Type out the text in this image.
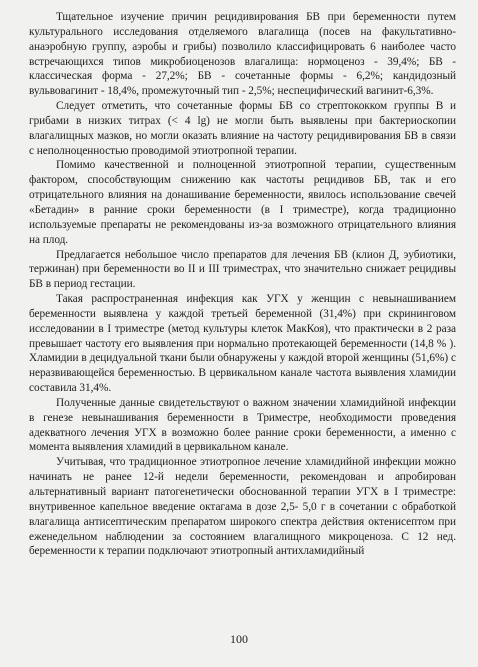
Тщательное изучение причин рецидивирования БВ при беременности путем культурального исследования отделяемого влагалища (посев на факультативно-анаэробную группу, аэробы и грибы) позволило классифицировать 6 наиболее часто встречающихся типов микробиоценозов влагалища: нормоценоз - 39,4%; БВ - классическая форма - 27,2%; БВ - сочетанные формы - 6,2%; кандидозный вульвовагинит - 18,4%, промежуточный тип - 2,5%; неспецифический вагинит-6,3%.

Следует отметить, что сочетанные формы БВ со стрептококком группы В и грибами в низких титрах (< 4 lg) не могли быть выявлены при бактериоскопии влагалищных мазков, но могли оказать влияние на частоту рецидивирования БВ в связи с неполноценностью проводимой этиотропной терапии.

Помимо качественной и полноценной этиотропной терапии, существенным фактором, способствующим снижению как частоты рецидивов БВ, так и его отрицательного влияния на донашивание беременности, явилось использование свечей «Бетадин» в ранние сроки беременности (в I триместре), когда традиционно используемые препараты не рекомендованы из-за возможного отрицательного влияния на плод.

Предлагается небольшое число препаратов для лечения БВ (клион Д, эубиотики, тержинан) при беременности во II и III триместрах, что значительно снижает рецидивы БВ в период гестации.

Такая распространенная инфекция как УГХ у женщин с невынашиванием беременности выявлена у каждой третьей беременной (31,4%) при скрининговом исследовании в I триместре (метод культуры клеток МакКоя), что практически в 2 раза превышает частоту его выявления при нормально протекающей беременности (14,8 % ). Хламидии в децидуальной ткани были обнаружены у каждой второй женщины (51,6%) с неразвивающейся беременностью. В цервикальном канале частота выявления хламидии составила 31,4%.

Полученные данные свидетельствуют о важном значении хламидийной инфекции в генезе невынашивания беременности в Триместре, необходимости проведения адекватного лечения УГХ в возможно более ранние сроки беременности, а именно с момента выявления хламидий в цервикальном канале.

Учитывая, что традиционное этиотропное лечение хламидийной инфекции можно начинать не ранее 12-й недели беременности, рекомендован и апробирован альтернативный вариант патогенетически обоснованной терапии УГХ в I триместре: внутривенное капельное введение октагама в дозе 2,5- 5,0 г в сочетании с обработкой влагалища антисептическим препаратом широкого спектра действия октенисептом при еженедельном наблюдении за состоянием влагалищного микроценоза. С 12 нед. беременности к терапии подключают этиотропный антихламидийный

100
